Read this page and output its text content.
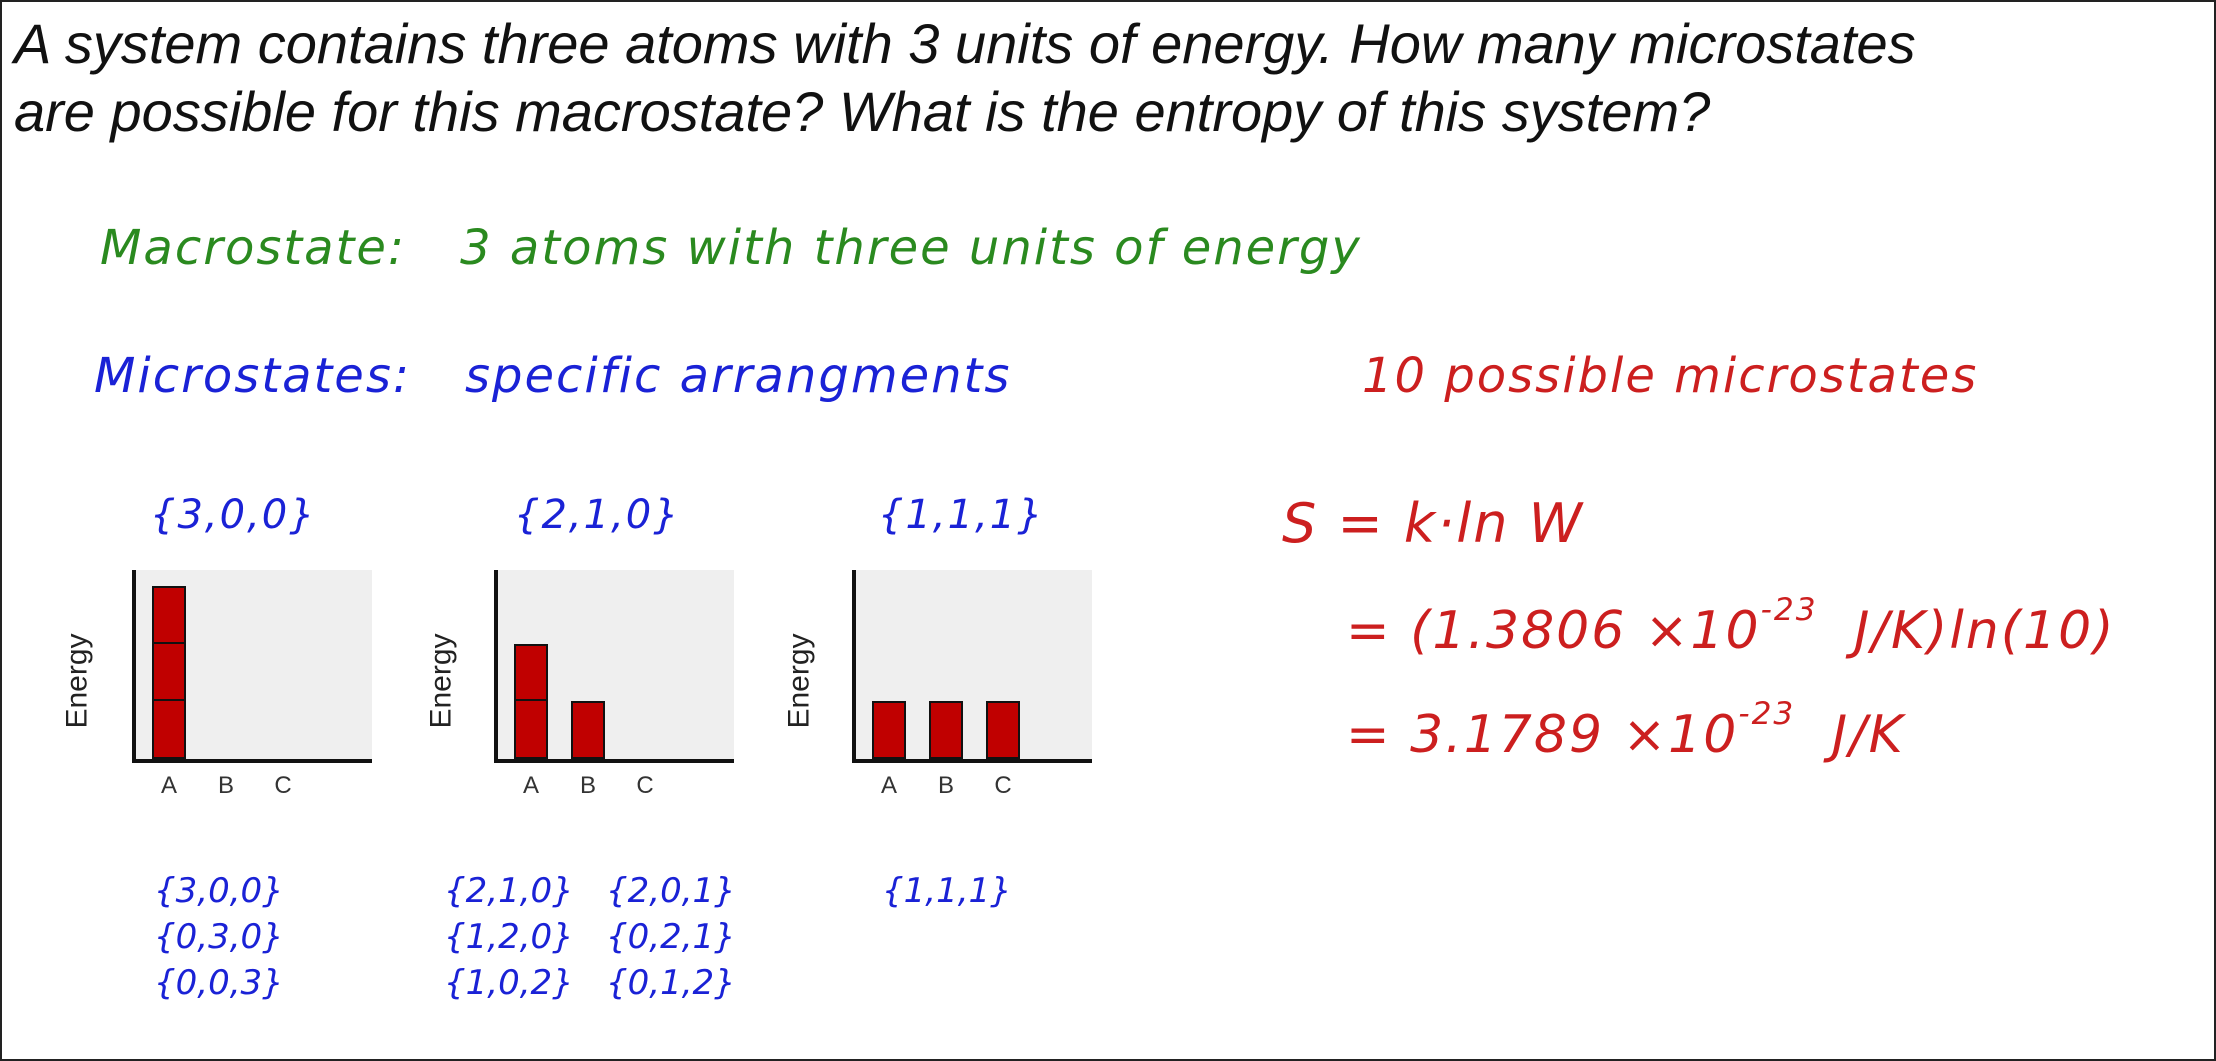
A system contains three atoms with 3 units of energy. How many microstates
are possible for this macrostate? What is the entropy of this system?
Macrostate: 3 atoms with three units of energy
Microstates: specific arrangments	10 possible microstates
{3,0,0}	{2,1,0}	{1,1,1}
A	B	C
Energy
A	B	C
Energy
A	B	C
Energy
{3,0,0}
{0,3,0}
{0,0,3}
{2,1,0}
{1,2,0}
{1,0,2}
{2,0,1}
{0,2,1}
{0,1,2}
{1,1,1}
S = k·ln W
= ($1.3806 \times 10^{-23}$ J/K)ln(10)
= $3.1789 \times 10^{-23}$ J/K
